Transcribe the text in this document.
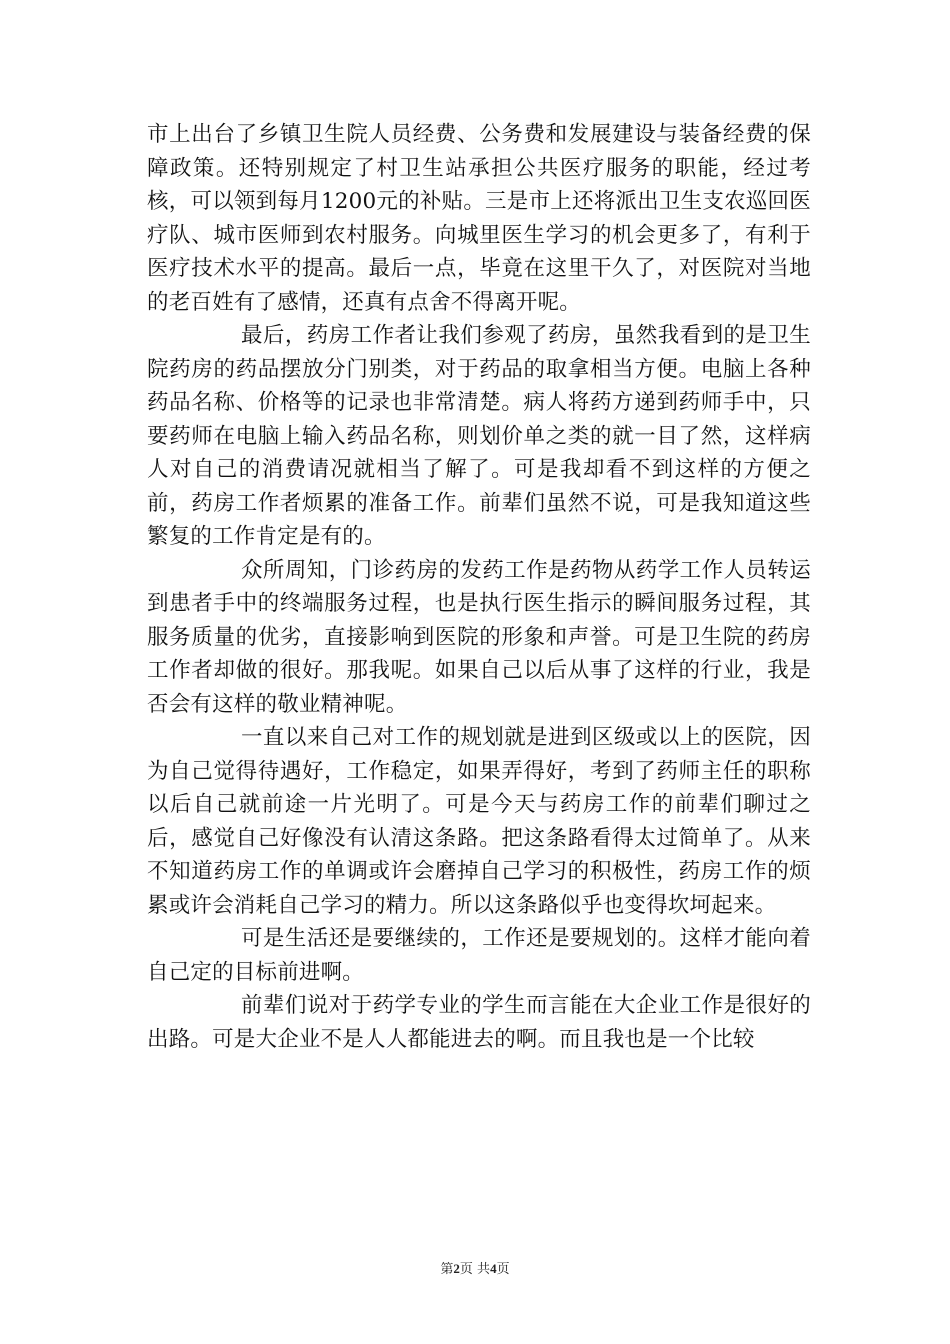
市上出台了乡镇卫生院人员经费、公务费和发展建设与装备经费的保障政策。还特别规定了村卫生站承担公共医疗服务的职能，经过考核，可以领到每月1200元的补贴。三是市上还将派出卫生支农巡回医疗队、城市医师到农村服务。向城里医生学习的机会更多了，有利于医疗技术水平的提高。最后一点，毕竟在这里干久了，对医院对当地的老百姓有了感情，还真有点舍不得离开呢。

最后，药房工作者让我们参观了药房，虽然我看到的是卫生院药房的药品摆放分门别类，对于药品的取拿相当方便。电脑上各种药品名称、价格等的记录也非常清楚。病人将药方递到药师手中，只要药师在电脑上输入药品名称，则划价单之类的就一目了然，这样病人对自己的消费请况就相当了解了。可是我却看不到这样的方便之前，药房工作者烦累的准备工作。前辈们虽然不说，可是我知道这些繁复的工作肯定是有的。

众所周知，门诊药房的发药工作是药物从药学工作人员转运到患者手中的终端服务过程，也是执行医生指示的瞬间服务过程，其服务质量的优劣，直接影响到医院的形象和声誉。可是卫生院的药房工作者却做的很好。那我呢。如果自己以后从事了这样的行业，我是否会有这样的敬业精神呢。

一直以来自己对工作的规划就是进到区级或以上的医院，因为自己觉得待遇好，工作稳定，如果弄得好，考到了药师主任的职称以后自己就前途一片光明了。可是今天与药房工作的前辈们聊过之后，感觉自己好像没有认清这条路。把这条路看得太过简单了。从来不知道药房工作的单调或许会磨掉自己学习的积极性，药房工作的烦累或许会消耗自己学习的精力。所以这条路似乎也变得坎坷起来。

可是生活还是要继续的，工作还是要规划的。这样才能向着自己定的目标前进啊。

前辈们说对于药学专业的学生而言能在大企业工作是很好的出路。可是大企业不是人人都能进去的啊。而且我也是一个比较

第2页 共4页
